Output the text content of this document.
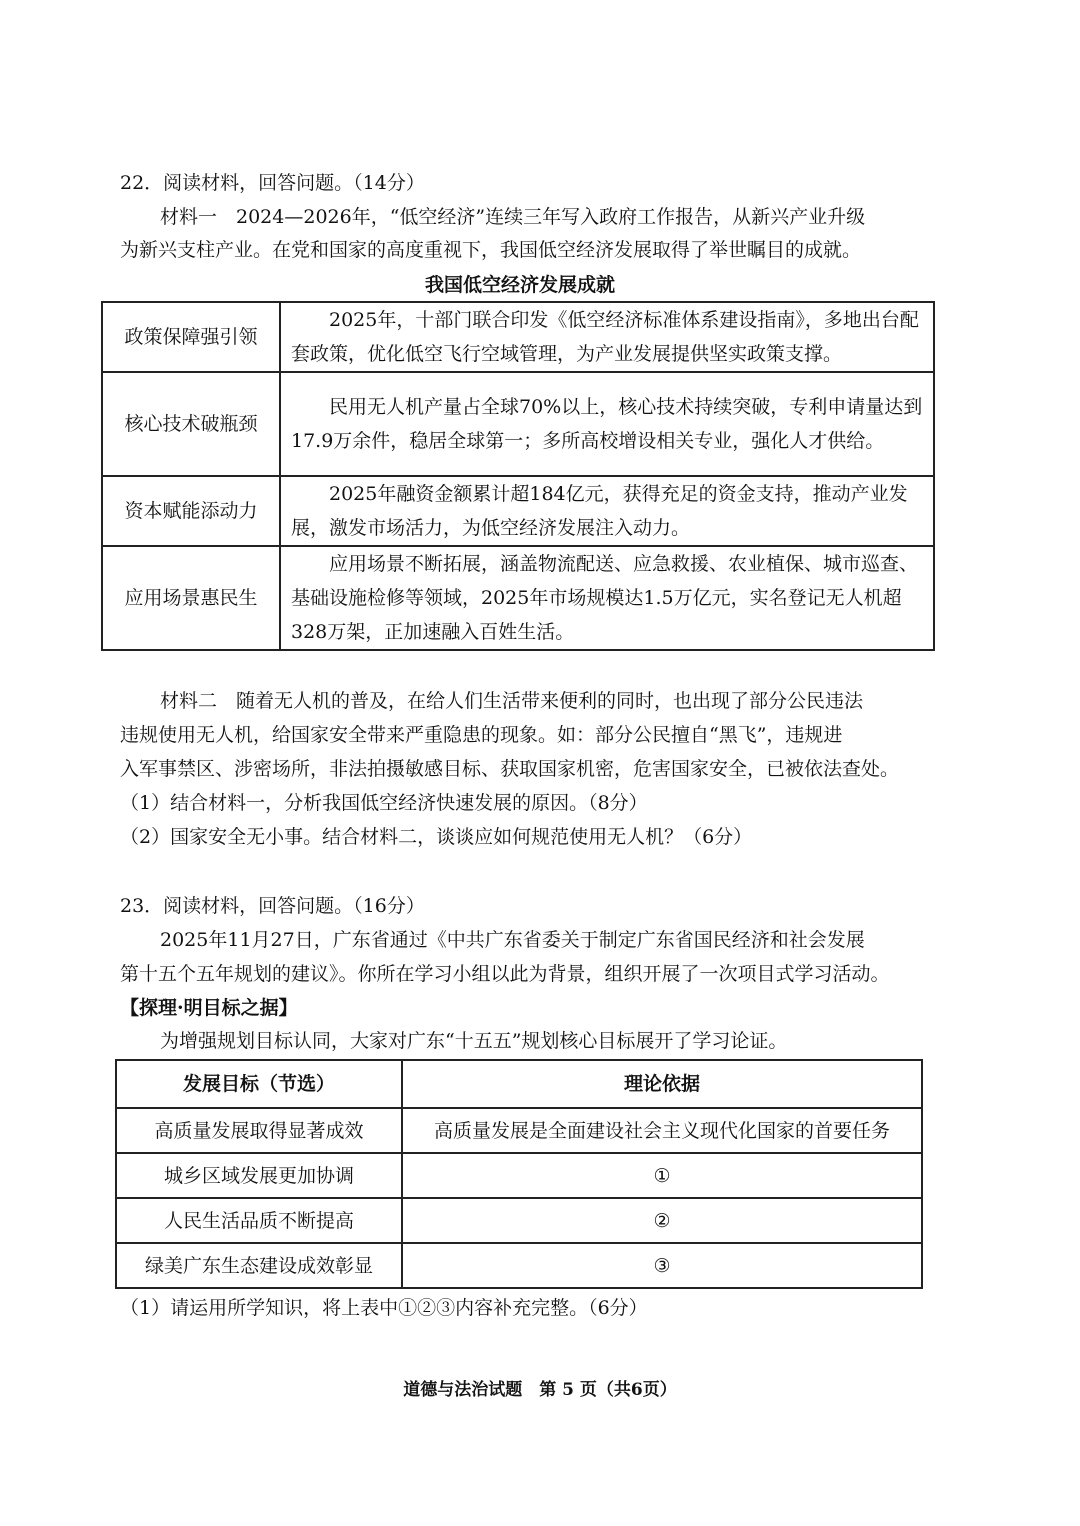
22．阅读材料，回答问题。（14分）
材料一　2024—2026年，“低空经济”连续三年写入政府工作报告，从新兴产业升级
为新兴支柱产业。在党和国家的高度重视下，我国低空经济发展取得了举世瞩目的成就。
我国低空经济发展成就
政策保障强引领	2025年，十部门联合印发《低空经济标准体系建设指南》，多地出台配套政策，优化低空飞行空域管理，为产业发展提供坚实政策支撑。
核心技术破瓶颈	民用无人机产量占全球70%以上，核心技术持续突破，专利申请量达到17.9万余件，稳居全球第一；多所高校增设相关专业，强化人才供给。
资本赋能添动力	2025年融资金额累计超184亿元，获得充足的资金支持，推动产业发展，激发市场活力，为低空经济发展注入动力。
应用场景惠民生	应用场景不断拓展，涵盖物流配送、应急救援、农业植保、城市巡查、基础设施检修等领域，2025年市场规模达1.5万亿元，实名登记无人机超328万架，正加速融入百姓生活。
材料二　随着无人机的普及，在给人们生活带来便利的同时，也出现了部分公民违法
违规使用无人机，给国家安全带来严重隐患的现象。如：部分公民擅自“黑飞”，违规进
入军事禁区、涉密场所，非法拍摄敏感目标、获取国家机密，危害国家安全，已被依法查处。
（1）结合材料一，分析我国低空经济快速发展的原因。（8分）
（2）国家安全无小事。结合材料二，谈谈应如何规范使用无人机？（6分）
23．阅读材料，回答问题。（16分）
2025年11月27日，广东省通过《中共广东省委关于制定广东省国民经济和社会发展
第十五个五年规划的建议》。你所在学习小组以此为背景，组织开展了一次项目式学习活动。
【探理·明目标之据】
为增强规划目标认同，大家对广东“十五五”规划核心目标展开了学习论证。
发展目标（节选）	理论依据
高质量发展取得显著成效	高质量发展是全面建设社会主义现代化国家的首要任务
城乡区域发展更加协调	①
人民生活品质不断提高	②
绿美广东生态建设成效彰显	③
（1）请运用所学知识，将上表中①②③内容补充完整。（6分）
道德与法治试题　第 5 页（共6页）
